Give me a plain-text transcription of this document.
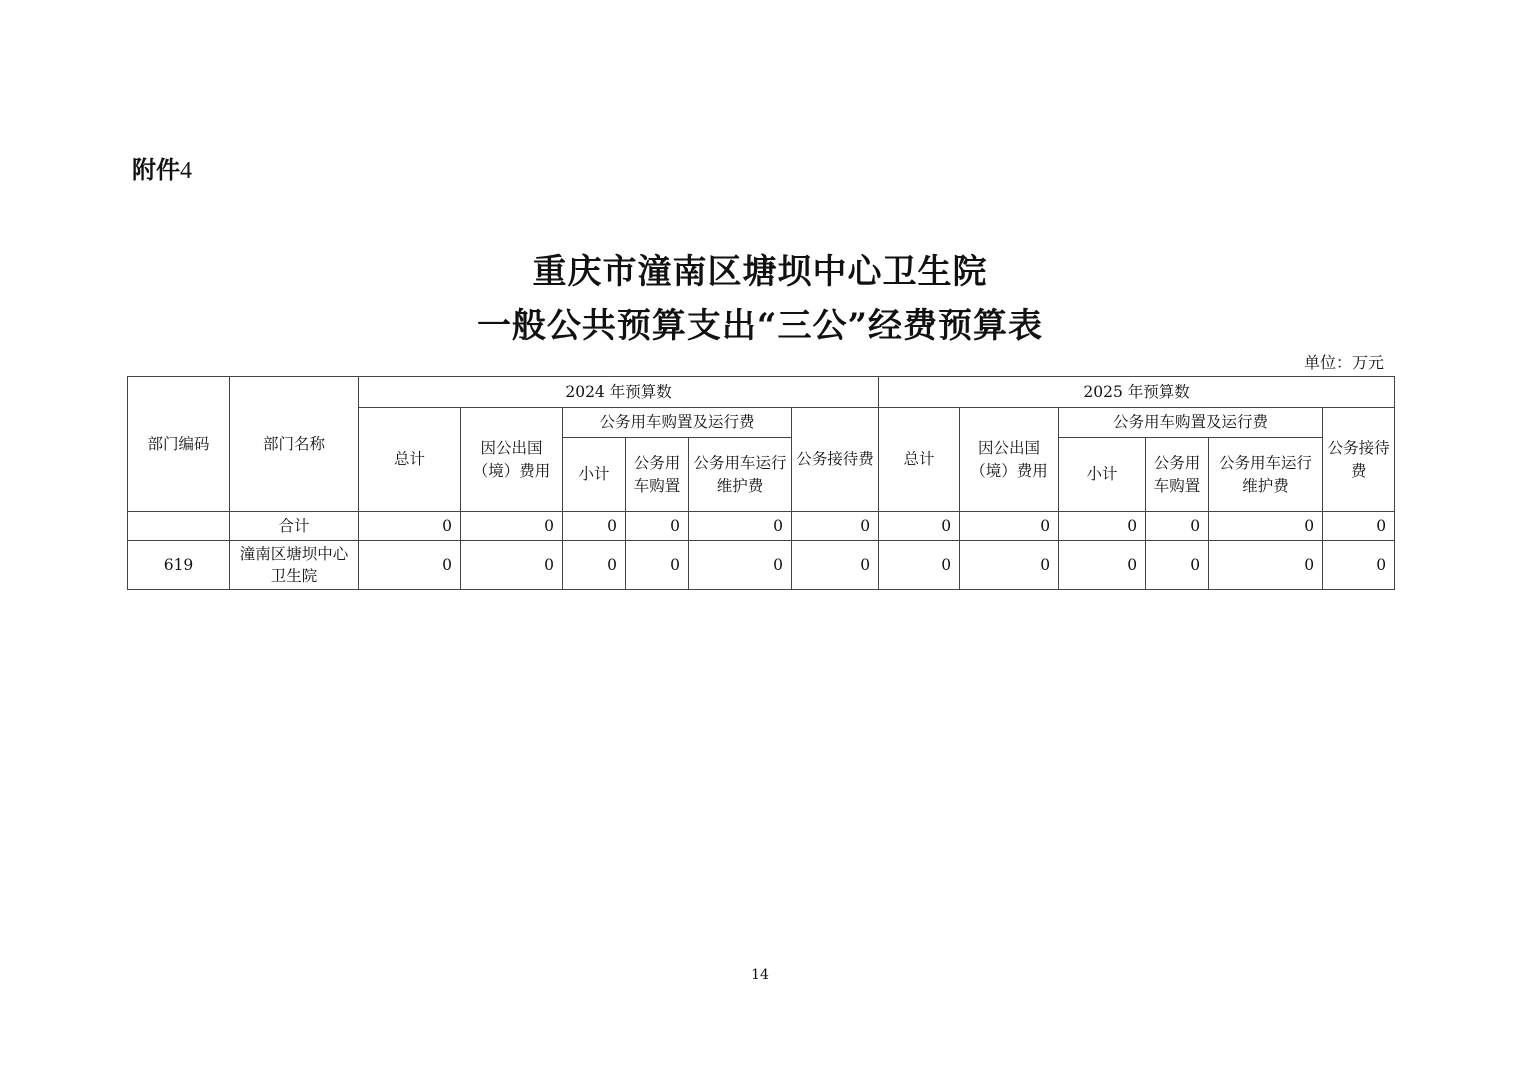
附件4
重庆市潼南区塘坝中心卫生院
一般公共预算支出“三公”经费预算表
单位：万元
部门编码	部门名称	2024 年预算数						2025 年预算数					
		总计	因公出国（境）费用	公务用车购置及运行费			公务接待费	总计	因公出国（境）费用	公务用车购置及运行费			公务接待费
				小计	公务用车购置	公务用车运行维护费				小计	公务用车购置	公务用车运行维护费	
	合计	0	0	0	0	0	0	0	0	0	0	0	0
619	潼南区塘坝中心卫生院	0	0	0	0	0	0	0	0	0	0	0	0
14
